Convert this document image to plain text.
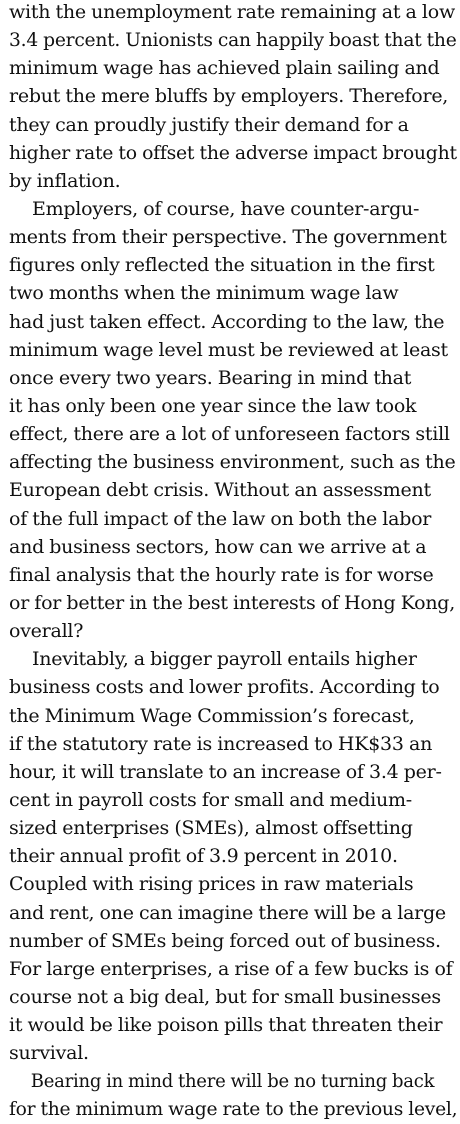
with the unemployment rate remaining at a low
3.4 percent. Unionists can happily boast that the
minimum wage has achieved plain sailing and
rebut the mere bluffs by employers. Therefore,
they can proudly justify their demand for a
higher rate to offset the adverse impact brought
by inflation.
Employers, of course, have counter-argu-
ments from their perspective. The government
figures only reflected the situation in the first
two months when the minimum wage law
had just taken effect. According to the law, the
minimum wage level must be reviewed at least
once every two years. Bearing in mind that
it has only been one year since the law took
effect, there are a lot of unforeseen factors still
affecting the business environment, such as the
European debt crisis. Without an assessment
of the full impact of the law on both the labor
and business sectors, how can we arrive at a
final analysis that the hourly rate is for worse
or for better in the best interests of Hong Kong,
overall?
Inevitably, a bigger payroll entails higher
business costs and lower profits. According to
the Minimum Wage Commission’s forecast,
if the statutory rate is increased to HK$33 an
hour, it will translate to an increase of 3.4 per-
cent in payroll costs for small and medium-
sized enterprises (SMEs), almost offsetting
their annual profit of 3.9 percent in 2010.
Coupled with rising prices in raw materials
and rent, one can imagine there will be a large
number of SMEs being forced out of business.
For large enterprises, a rise of a few bucks is of
course not a big deal, but for small businesses
it would be like poison pills that threaten their
survival.
Bearing in mind there will be no turning back
for the minimum wage rate to the previous level,
